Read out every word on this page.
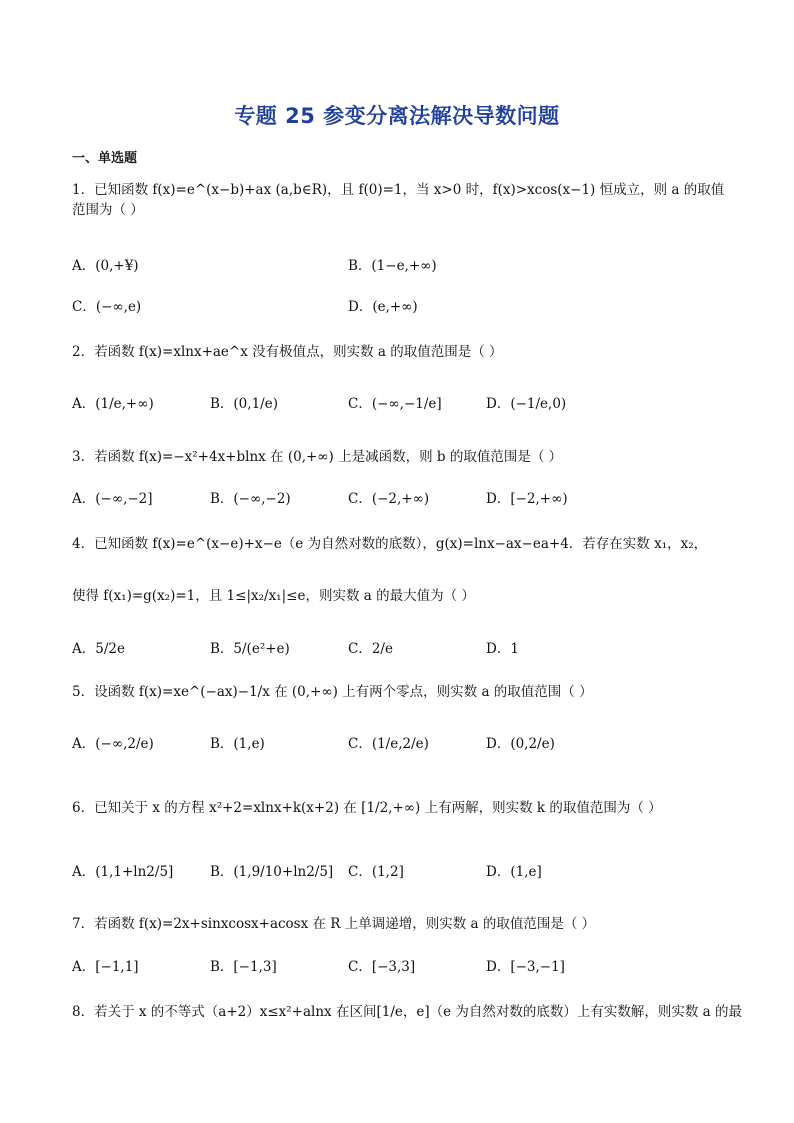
专题 25 参变分离法解决导数问题
一、单选题
1．已知函数 f(x)=e^(x−b)+ax (a,b∈R)，且 f(0)=1，当 x>0 时，f(x)>xcos(x−1) 恒成立，则 a 的取值范围为（ ）
A．(0,+¥)	B．(1−e,+∞)
C．(−∞,e)	D．(e,+∞)
2．若函数 f(x)=xlnx+ae^x 没有极值点，则实数 a 的取值范围是（ ）
A．(1/e,+∞)	B．(0,1/e)	C．(−∞,−1/e]	D．(−1/e,0)
3．若函数 f(x)=−x²+4x+blnx 在 (0,+∞) 上是减函数，则 b 的取值范围是（ ）
A．(−∞,−2]	B．(−∞,−2)	C．(−2,+∞)	D．[−2,+∞)
4．已知函数 f(x)=e^(x−e)+x−e（e 为自然对数的底数），g(x)=lnx−ax−ea+4．若存在实数 x₁，x₂，
使得 f(x₁)=g(x₂)=1，且 1≤|x₂/x₁|≤e，则实数 a 的最大值为（ ）
A．5/2e	B．5/(e²+e)	C．2/e	D．1
5．设函数 f(x)=xe^(−ax)−1/x 在 (0,+∞) 上有两个零点，则实数 a 的取值范围（ ）
A．(−∞,2/e)	B．(1,e)	C．(1/e,2/e)	D．(0,2/e)
6．已知关于 x 的方程 x²+2=xlnx+k(x+2) 在 [1/2,+∞) 上有两解，则实数 k 的取值范围为（ ）
A．(1,1+ln2/5]	B．(1,9/10+ln2/5] C．(1,2]	D．(1,e]
7．若函数 f(x)=2x+sinxcosx+acosx 在 R 上单调递增，则实数 a 的取值范围是（ ）
A．[−1,1]	B．[−1,3]	C．[−3,3]	D．[−3,−1]
8．若关于 x 的不等式（a+2）x≤x²+alnx 在区间[1/e，e]（e 为自然对数的底数）上有实数解，则实数 a 的最
